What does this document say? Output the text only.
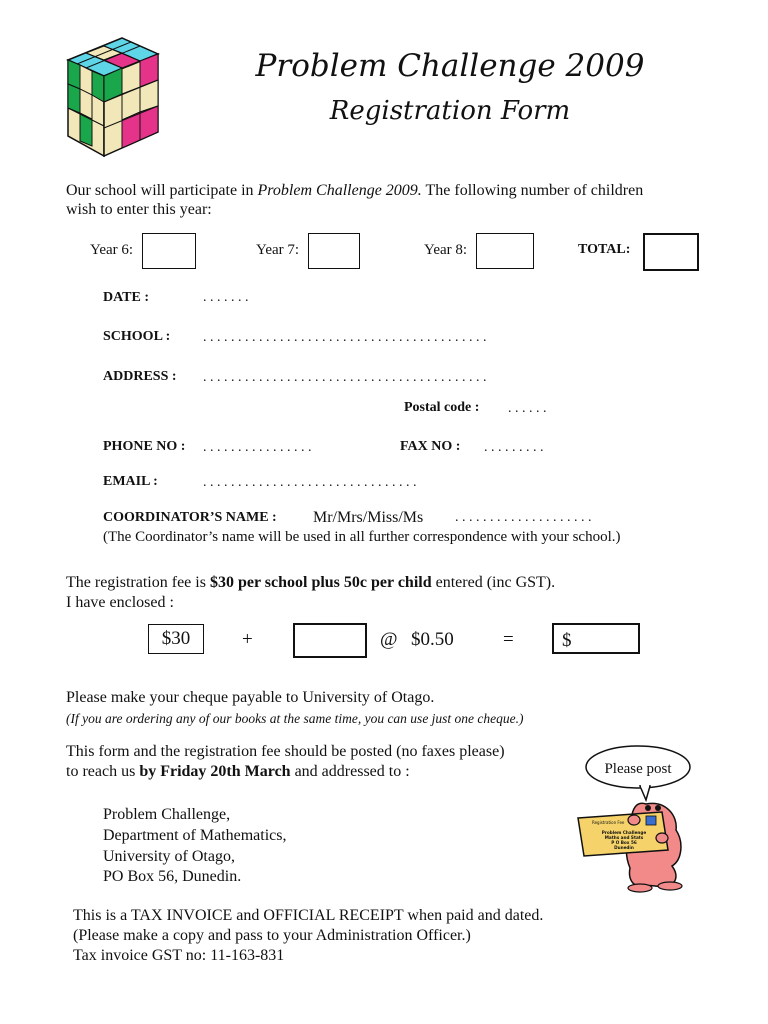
Problem Challenge 2009
Registration Form
Our school will participate in Problem Challenge 2009. The following number of children
wish to enter this year:
Year 6:	Year 7:	Year 8:	TOTAL:
DATE :	. . . . . . .
SCHOOL : . . . . . . . . . . . . . . . . . . . . . . . . . . . . . . . . . . . . . . . . .
ADDRESS : . . . . . . . . . . . . . . . . . . . . . . . . . . . . . . . . . . . . . . . . .
Postal code : . . . . . .
PHONE NO : . . . . . . . . . . . . . . . .	FAX NO : . . . . . . . . .
EMAIL :	. . . . . . . . . . . . . . . . . . . . . . . . . . . . . . .
COORDINATOR’S NAME : Mr/Mrs/Miss/Ms . . . . . . . . . . . . . . . . . . . .
(The Coordinator’s name will be used in all further correspondence with your school.)
The registration fee is $30 per school plus 50c per child entered (inc GST).
I have enclosed :
$30	+	@ $0.50	=	$
Please make your cheque payable to University of Otago.
(If you are ordering any of our books at the same time, you can use just one cheque.)
This form and the registration fee should be posted (no faxes please)
to reach us by Friday 20th March and addressed to :
Problem Challenge,
Department of Mathematics,
University of Otago,
PO Box 56, Dunedin.
Please post
Registration Fee
Problem Challenge
Maths and Stats
P O Box 56
Dunedin
This is a TAX INVOICE and OFFICIAL RECEIPT when paid and dated.
(Please make a copy and pass to your Administration Officer.)
Tax invoice GST no: 11-163-831
